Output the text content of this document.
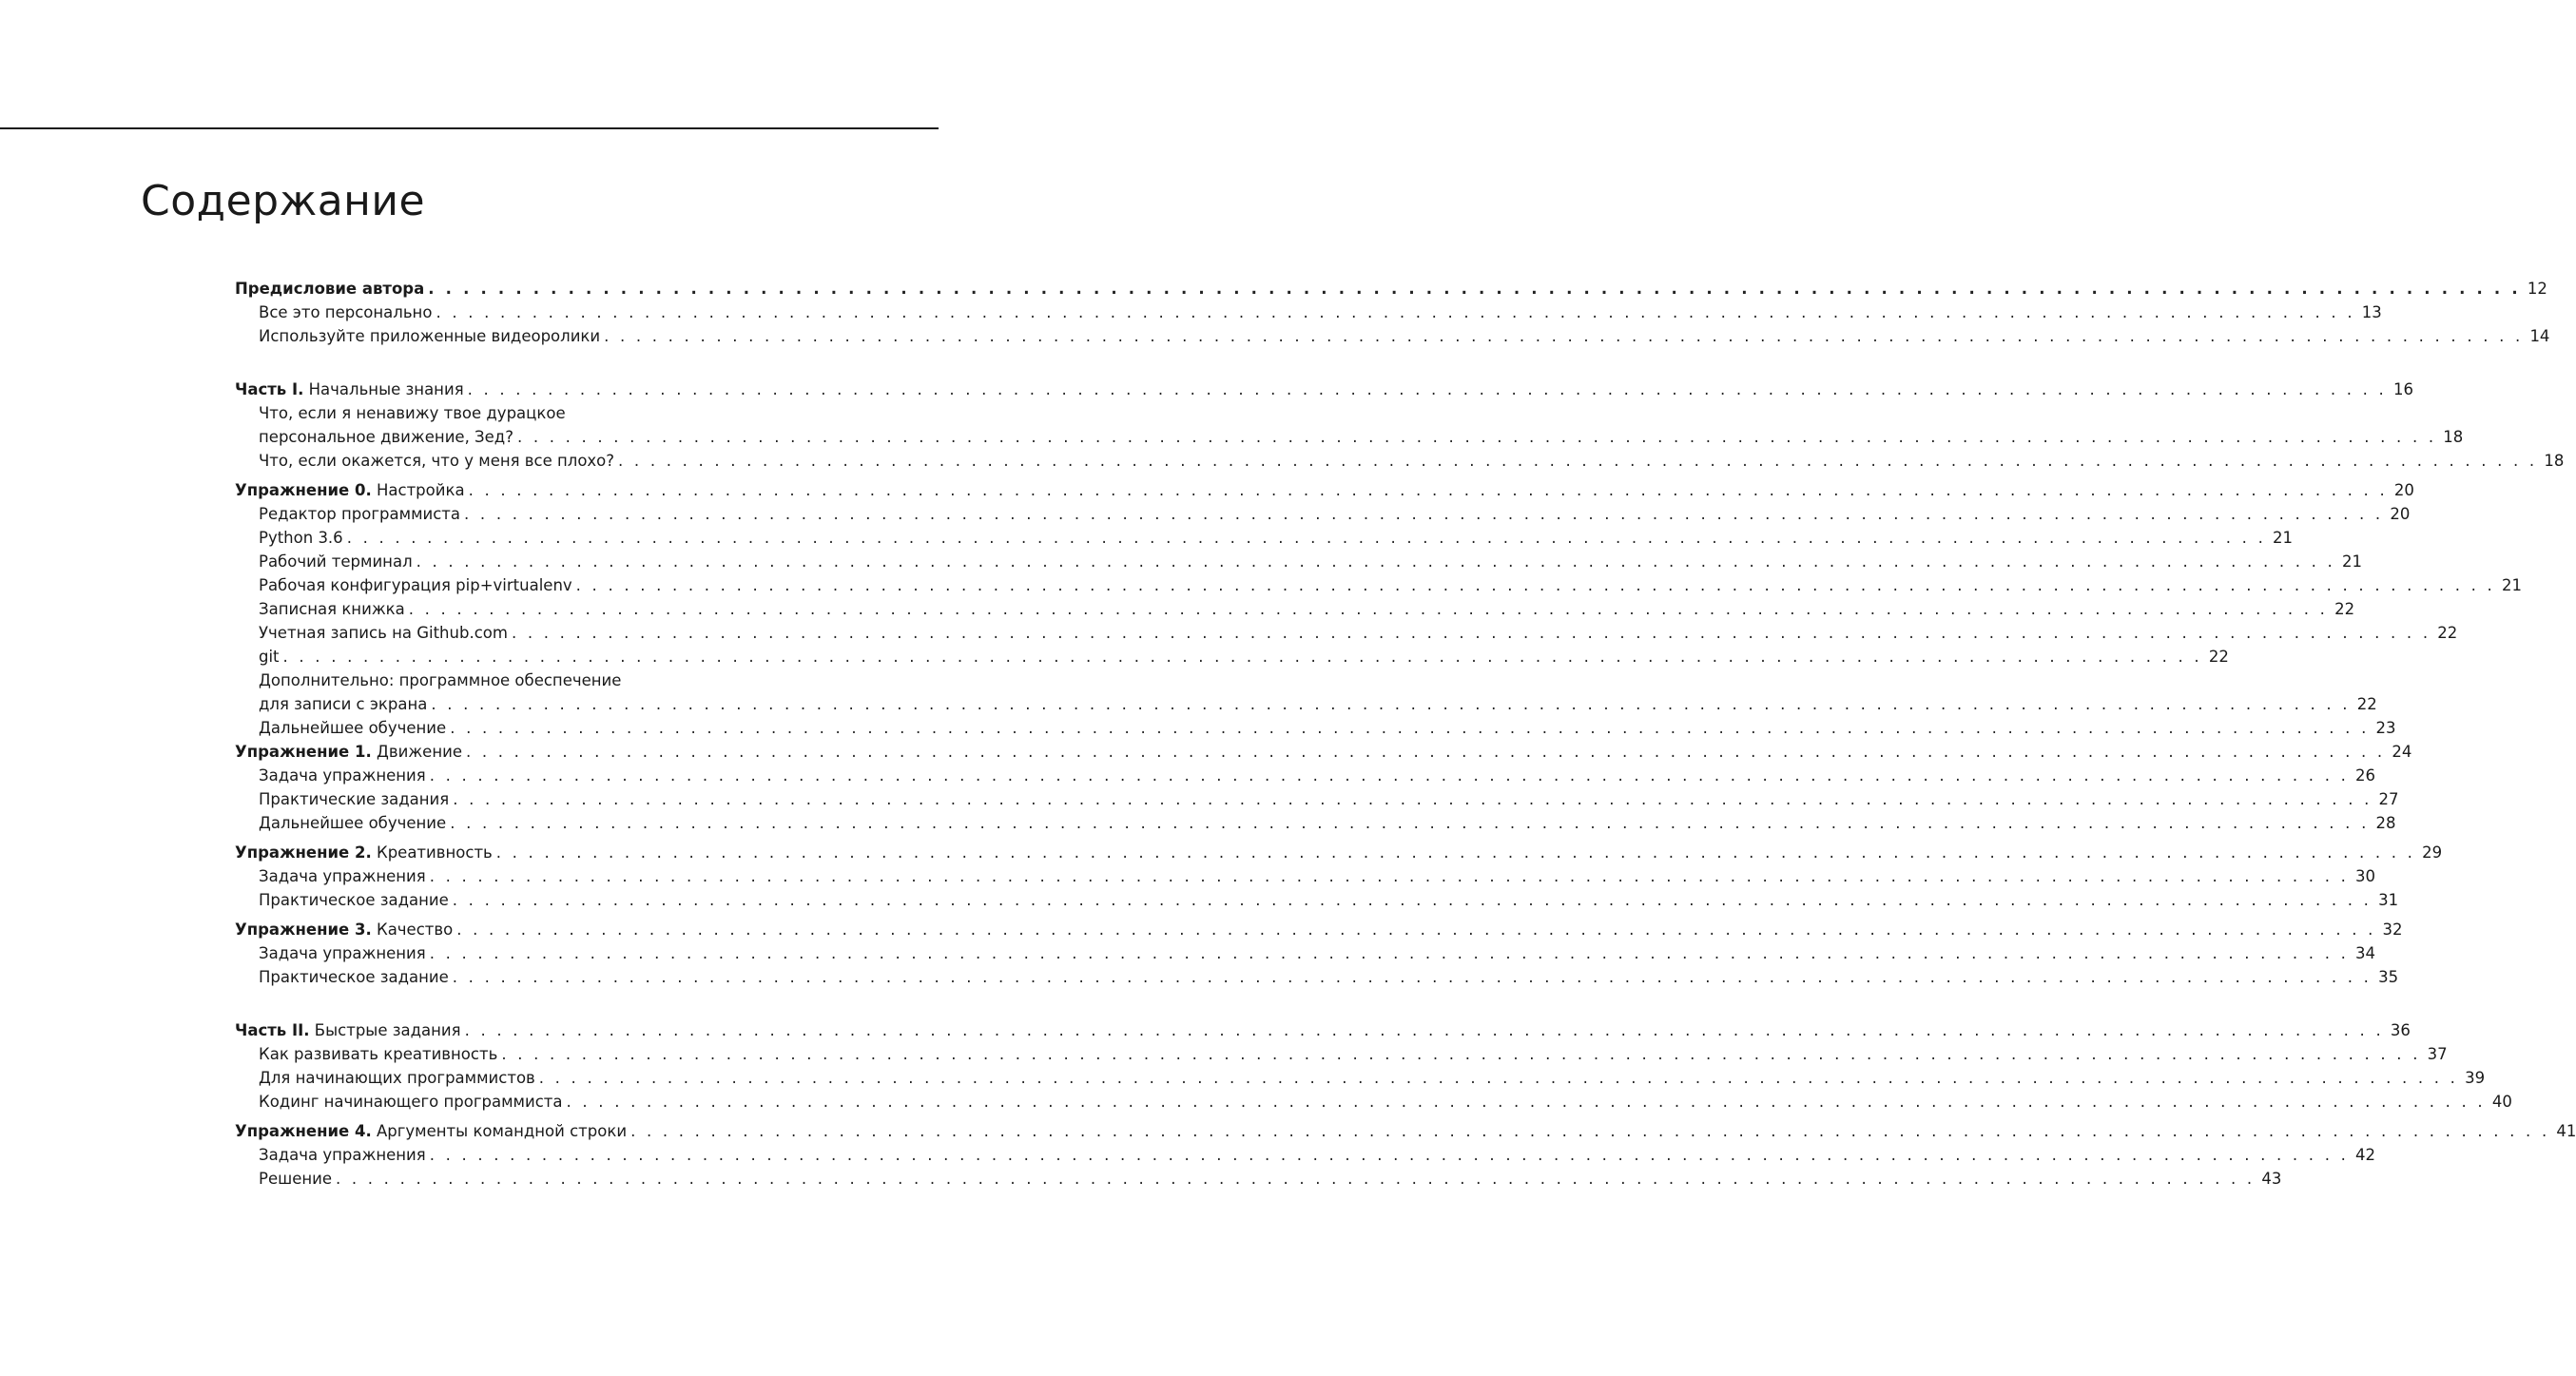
Содержание
Предисловие автора . . . . . . . . . . . . . . . . . . . . . . . . . . . . . . . . . . . . . . . . . . . . . . . . . . . . . . . . . . . . . . . . . . . . . . . . . . . . . . . . . . . . . . . . . . . . . . . . . . . . . . . . . . . . . . . . . . . . . . . . 12
Все это персонально . . . . . . . . . . . . . . . . . . . . . . . . . . . . . . . . . . . . . . . . . . . . . . . . . . . . . . . . . . . . . . . . . . . . . . . . . . . . . . . . . . . . . . . . . . . . . . . . . . . . . . . . . . . . . . . . . . . . . . . . 13
Используйте приложенные видеоролики . . . . . . . . . . . . . . . . . . . . . . . . . . . . . . . . . . . . . . . . . . . . . . . . . . . . . . . . . . . . . . . . . . . . . . . . . . . . . . . . . . . . . . . . . . . . . . . . . . . . . . . . . . . . . . . . . . . . . . . . 14
Часть I. Начальные знания . . . . . . . . . . . . . . . . . . . . . . . . . . . . . . . . . . . . . . . . . . . . . . . . . . . . . . . . . . . . . . . . . . . . . . . . . . . . . . . . . . . . . . . . . . . . . . . . . . . . . . . . . . . . . . . . . . . . . . . . 16
Что, если я ненавижу твое дурацкое
персональное движение, Зед? . . . . . . . . . . . . . . . . . . . . . . . . . . . . . . . . . . . . . . . . . . . . . . . . . . . . . . . . . . . . . . . . . . . . . . . . . . . . . . . . . . . . . . . . . . . . . . . . . . . . . . . . . . . . . . . . . . . . . . . . 18
Что, если окажется, что у меня все плохо? . . . . . . . . . . . . . . . . . . . . . . . . . . . . . . . . . . . . . . . . . . . . . . . . . . . . . . . . . . . . . . . . . . . . . . . . . . . . . . . . . . . . . . . . . . . . . . . . . . . . . . . . . . . . . . . . . . . . . . . . 18
Упражнение 0. Настройка . . . . . . . . . . . . . . . . . . . . . . . . . . . . . . . . . . . . . . . . . . . . . . . . . . . . . . . . . . . . . . . . . . . . . . . . . . . . . . . . . . . . . . . . . . . . . . . . . . . . . . . . . . . . . . . . . . . . . . . . 20
Редактор программиста . . . . . . . . . . . . . . . . . . . . . . . . . . . . . . . . . . . . . . . . . . . . . . . . . . . . . . . . . . . . . . . . . . . . . . . . . . . . . . . . . . . . . . . . . . . . . . . . . . . . . . . . . . . . . . . . . . . . . . . . 20
Python 3.6 . . . . . . . . . . . . . . . . . . . . . . . . . . . . . . . . . . . . . . . . . . . . . . . . . . . . . . . . . . . . . . . . . . . . . . . . . . . . . . . . . . . . . . . . . . . . . . . . . . . . . . . . . . . . . . . . . . . . . . . . 21
Рабочий терминал . . . . . . . . . . . . . . . . . . . . . . . . . . . . . . . . . . . . . . . . . . . . . . . . . . . . . . . . . . . . . . . . . . . . . . . . . . . . . . . . . . . . . . . . . . . . . . . . . . . . . . . . . . . . . . . . . . . . . . . . 21
Рабочая конфигурация pip+virtualenv . . . . . . . . . . . . . . . . . . . . . . . . . . . . . . . . . . . . . . . . . . . . . . . . . . . . . . . . . . . . . . . . . . . . . . . . . . . . . . . . . . . . . . . . . . . . . . . . . . . . . . . . . . . . . . . . . . . . . . . . 21
Записная книжка . . . . . . . . . . . . . . . . . . . . . . . . . . . . . . . . . . . . . . . . . . . . . . . . . . . . . . . . . . . . . . . . . . . . . . . . . . . . . . . . . . . . . . . . . . . . . . . . . . . . . . . . . . . . . . . . . . . . . . . . 22
Учетная запись на Github.com . . . . . . . . . . . . . . . . . . . . . . . . . . . . . . . . . . . . . . . . . . . . . . . . . . . . . . . . . . . . . . . . . . . . . . . . . . . . . . . . . . . . . . . . . . . . . . . . . . . . . . . . . . . . . . . . . . . . . . . . 22
git . . . . . . . . . . . . . . . . . . . . . . . . . . . . . . . . . . . . . . . . . . . . . . . . . . . . . . . . . . . . . . . . . . . . . . . . . . . . . . . . . . . . . . . . . . . . . . . . . . . . . . . . . . . . . . . . . . . . . . . . 22
Дополнительно: программное обеспечение
для записи с экрана . . . . . . . . . . . . . . . . . . . . . . . . . . . . . . . . . . . . . . . . . . . . . . . . . . . . . . . . . . . . . . . . . . . . . . . . . . . . . . . . . . . . . . . . . . . . . . . . . . . . . . . . . . . . . . . . . . . . . . . . 22
Дальнейшее обучение . . . . . . . . . . . . . . . . . . . . . . . . . . . . . . . . . . . . . . . . . . . . . . . . . . . . . . . . . . . . . . . . . . . . . . . . . . . . . . . . . . . . . . . . . . . . . . . . . . . . . . . . . . . . . . . . . . . . . . . . 23
Упражнение 1. Движение . . . . . . . . . . . . . . . . . . . . . . . . . . . . . . . . . . . . . . . . . . . . . . . . . . . . . . . . . . . . . . . . . . . . . . . . . . . . . . . . . . . . . . . . . . . . . . . . . . . . . . . . . . . . . . . . . . . . . . . . 24
Задача упражнения . . . . . . . . . . . . . . . . . . . . . . . . . . . . . . . . . . . . . . . . . . . . . . . . . . . . . . . . . . . . . . . . . . . . . . . . . . . . . . . . . . . . . . . . . . . . . . . . . . . . . . . . . . . . . . . . . . . . . . . . 26
Практические задания . . . . . . . . . . . . . . . . . . . . . . . . . . . . . . . . . . . . . . . . . . . . . . . . . . . . . . . . . . . . . . . . . . . . . . . . . . . . . . . . . . . . . . . . . . . . . . . . . . . . . . . . . . . . . . . . . . . . . . . . 27
Дальнейшее обучение . . . . . . . . . . . . . . . . . . . . . . . . . . . . . . . . . . . . . . . . . . . . . . . . . . . . . . . . . . . . . . . . . . . . . . . . . . . . . . . . . . . . . . . . . . . . . . . . . . . . . . . . . . . . . . . . . . . . . . . . 28
Упражнение 2. Креативность . . . . . . . . . . . . . . . . . . . . . . . . . . . . . . . . . . . . . . . . . . . . . . . . . . . . . . . . . . . . . . . . . . . . . . . . . . . . . . . . . . . . . . . . . . . . . . . . . . . . . . . . . . . . . . . . . . . . . . . . 29
Задача упражнения . . . . . . . . . . . . . . . . . . . . . . . . . . . . . . . . . . . . . . . . . . . . . . . . . . . . . . . . . . . . . . . . . . . . . . . . . . . . . . . . . . . . . . . . . . . . . . . . . . . . . . . . . . . . . . . . . . . . . . . . 30
Практическое задание . . . . . . . . . . . . . . . . . . . . . . . . . . . . . . . . . . . . . . . . . . . . . . . . . . . . . . . . . . . . . . . . . . . . . . . . . . . . . . . . . . . . . . . . . . . . . . . . . . . . . . . . . . . . . . . . . . . . . . . . 31
Упражнение 3. Качество . . . . . . . . . . . . . . . . . . . . . . . . . . . . . . . . . . . . . . . . . . . . . . . . . . . . . . . . . . . . . . . . . . . . . . . . . . . . . . . . . . . . . . . . . . . . . . . . . . . . . . . . . . . . . . . . . . . . . . . . 32
Задача упражнения . . . . . . . . . . . . . . . . . . . . . . . . . . . . . . . . . . . . . . . . . . . . . . . . . . . . . . . . . . . . . . . . . . . . . . . . . . . . . . . . . . . . . . . . . . . . . . . . . . . . . . . . . . . . . . . . . . . . . . . . 34
Практическое задание . . . . . . . . . . . . . . . . . . . . . . . . . . . . . . . . . . . . . . . . . . . . . . . . . . . . . . . . . . . . . . . . . . . . . . . . . . . . . . . . . . . . . . . . . . . . . . . . . . . . . . . . . . . . . . . . . . . . . . . . 35
Часть II. Быстрые задания . . . . . . . . . . . . . . . . . . . . . . . . . . . . . . . . . . . . . . . . . . . . . . . . . . . . . . . . . . . . . . . . . . . . . . . . . . . . . . . . . . . . . . . . . . . . . . . . . . . . . . . . . . . . . . . . . . . . . . . . 36
Как развивать креативность . . . . . . . . . . . . . . . . . . . . . . . . . . . . . . . . . . . . . . . . . . . . . . . . . . . . . . . . . . . . . . . . . . . . . . . . . . . . . . . . . . . . . . . . . . . . . . . . . . . . . . . . . . . . . . . . . . . . . . . . 37
Для начинающих программистов . . . . . . . . . . . . . . . . . . . . . . . . . . . . . . . . . . . . . . . . . . . . . . . . . . . . . . . . . . . . . . . . . . . . . . . . . . . . . . . . . . . . . . . . . . . . . . . . . . . . . . . . . . . . . . . . . . . . . . . . 39
Кодинг начинающего программиста . . . . . . . . . . . . . . . . . . . . . . . . . . . . . . . . . . . . . . . . . . . . . . . . . . . . . . . . . . . . . . . . . . . . . . . . . . . . . . . . . . . . . . . . . . . . . . . . . . . . . . . . . . . . . . . . . . . . . . . . 40
Упражнение 4. Аргументы командной строки . . . . . . . . . . . . . . . . . . . . . . . . . . . . . . . . . . . . . . . . . . . . . . . . . . . . . . . . . . . . . . . . . . . . . . . . . . . . . . . . . . . . . . . . . . . . . . . . . . . . . . . . . . . . . . . . . . . . . . . . 41
Задача упражнения . . . . . . . . . . . . . . . . . . . . . . . . . . . . . . . . . . . . . . . . . . . . . . . . . . . . . . . . . . . . . . . . . . . . . . . . . . . . . . . . . . . . . . . . . . . . . . . . . . . . . . . . . . . . . . . . . . . . . . . . 42
Решение . . . . . . . . . . . . . . . . . . . . . . . . . . . . . . . . . . . . . . . . . . . . . . . . . . . . . . . . . . . . . . . . . . . . . . . . . . . . . . . . . . . . . . . . . . . . . . . . . . . . . . . . . . . . . . . . . . . . . . . . 43
